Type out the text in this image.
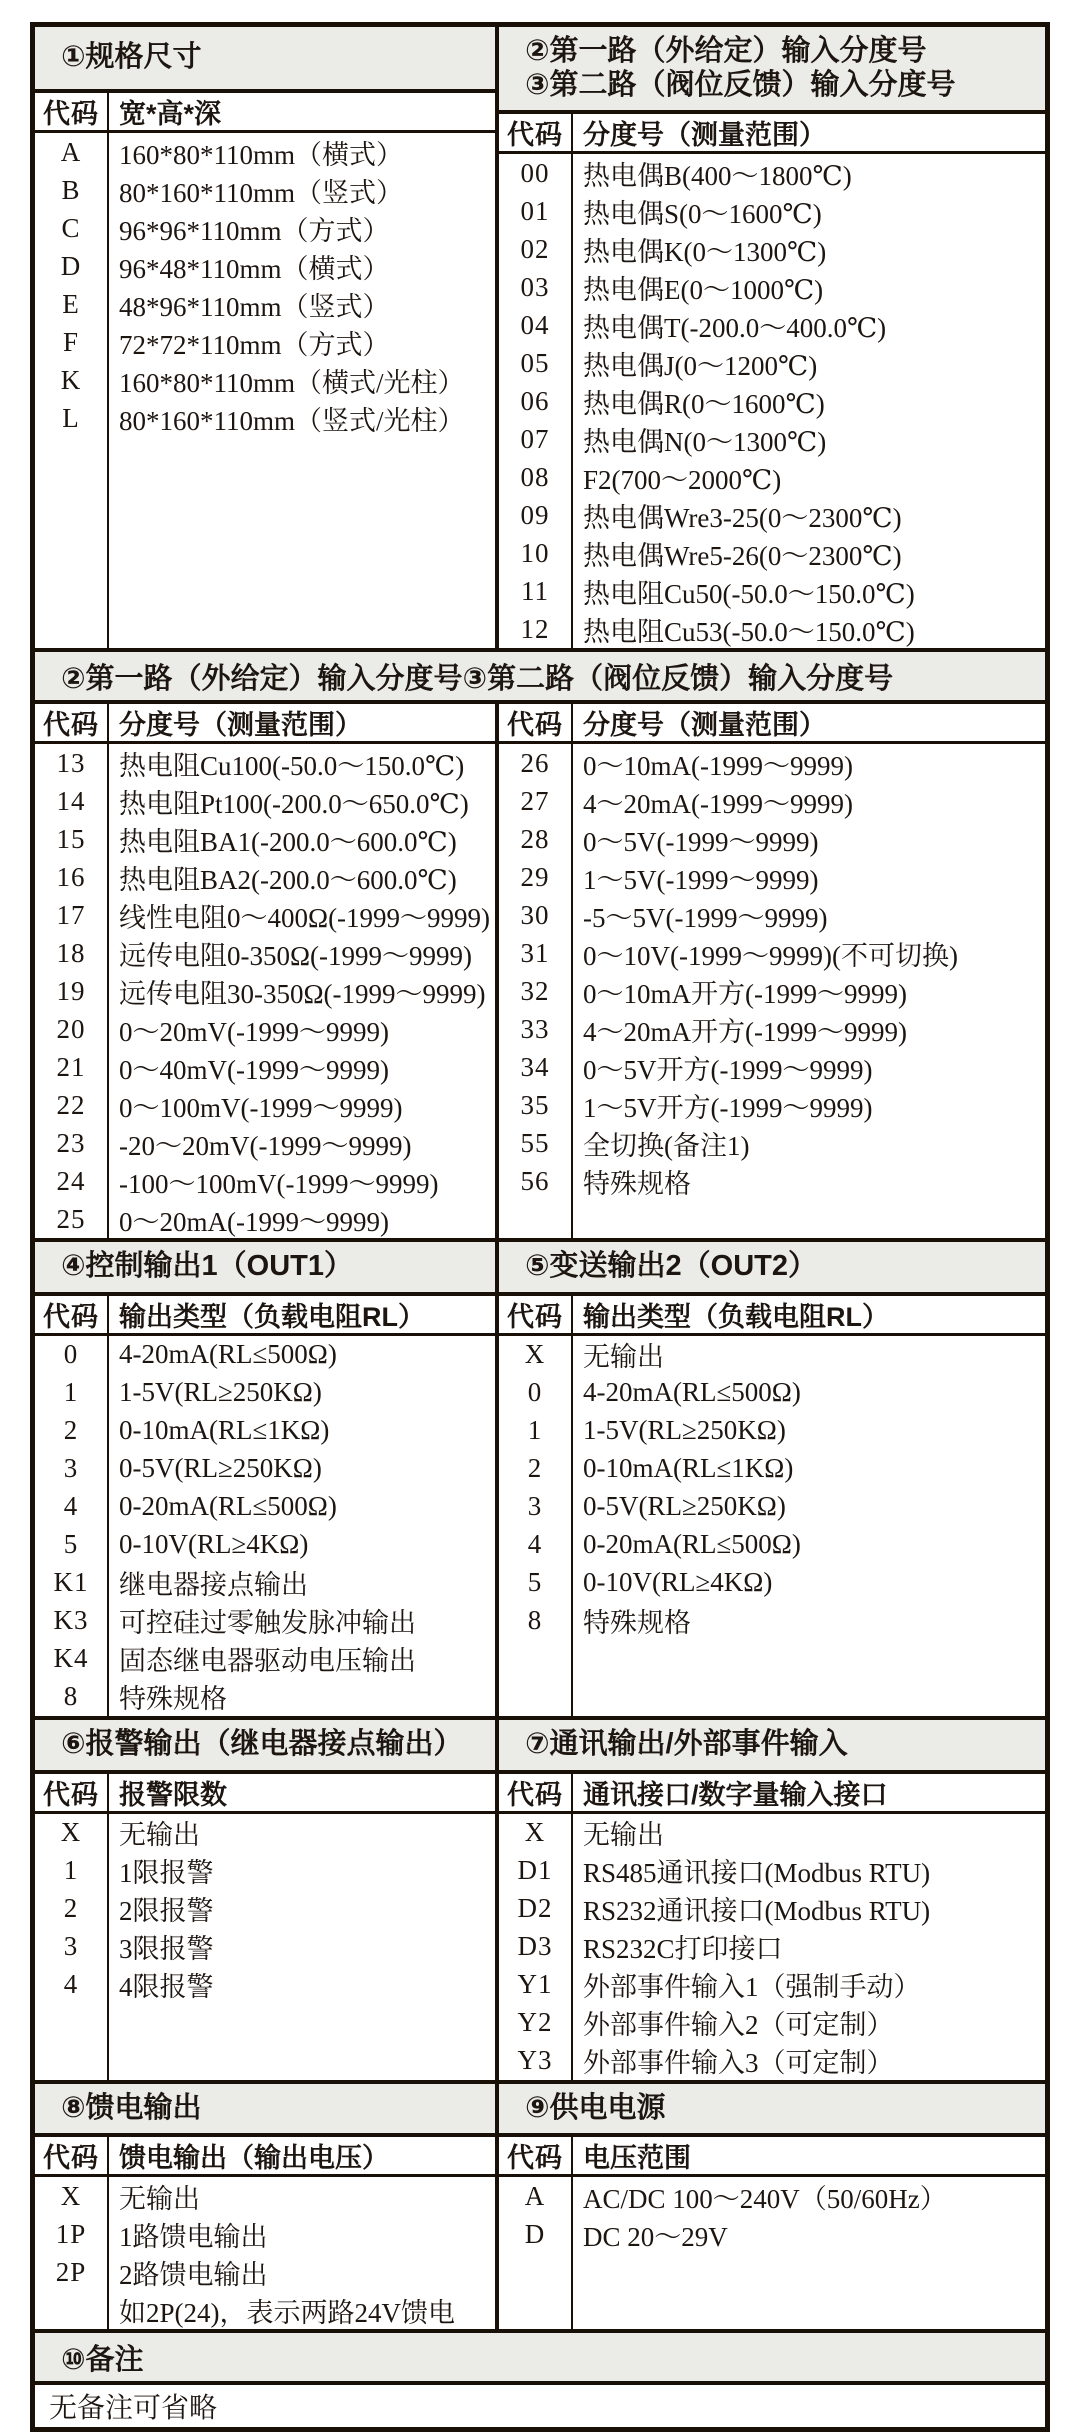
①规格尺寸
代码 宽*高*深
A	160*80*110mm（横式）
B	80*160*110mm（竖式）
C	96*96*110mm（方式）
D	96*48*110mm（横式）
E	48*96*110mm（竖式）
F	72*72*110mm（方式）
K	160*80*110mm（横式/光柱）
L	80*160*110mm（竖式/光柱）
②第一路（外给定）输入分度号
③第二路（阀位反馈）输入分度号
代码 分度号（测量范围）
00	热电偶B(400～1800℃)
01	热电偶S(0～1600℃)
02	热电偶K(0～1300℃)
03	热电偶E(0～1000℃)
04	热电偶T(-200.0～400.0℃)
05	热电偶J(0～1200℃)
06	热电偶R(0～1600℃)
07	热电偶N(0～1300℃)
08	F2(700～2000℃)
09	热电偶Wre3-25(0～2300℃)
10	热电偶Wre5-26(0～2300℃)
11	热电阻Cu50(-50.0～150.0℃)
12	热电阻Cu53(-50.0～150.0℃)
②第一路（外给定）输入分度号③第二路（阀位反馈）输入分度号
代码 分度号（测量范围）
13	热电阻Cu100(-50.0～150.0℃)
14	热电阻Pt100(-200.0～650.0℃)
15	热电阻BA1(-200.0～600.0℃)
16	热电阻BA2(-200.0～600.0℃)
17	线性电阻0～400Ω(-1999～9999)
18	远传电阻0-350Ω(-1999～9999)
19	远传电阻30-350Ω(-1999～9999)
20	0～20mV(-1999～9999)
21	0～40mV(-1999～9999)
22	0～100mV(-1999～9999)
23	-20～20mV(-1999～9999)
24	-100～100mV(-1999～9999)
25	0～20mA(-1999～9999)
代码 分度号（测量范围）
26	0～10mA(-1999～9999)
27	4～20mA(-1999～9999)
28	0～5V(-1999～9999)
29	1～5V(-1999～9999)
30	-5～5V(-1999～9999)
31	0～10V(-1999～9999)(不可切换)
32	0～10mA开方(-1999～9999)
33	4～20mA开方(-1999～9999)
34	0～5V开方(-1999～9999)
35	1～5V开方(-1999～9999)
55	全切换(备注1)
56	特殊规格
④控制输出1（OUT1）
代码 输出类型（负载电阻RL）
0	4-20mA(RL≤500Ω)
1	1-5V(RL≥250KΩ)
2	0-10mA(RL≤1KΩ)
3	0-5V(RL≥250KΩ)
4	0-20mA(RL≤500Ω)
5	0-10V(RL≥4KΩ)
K1	继电器接点输出
K3	可控硅过零触发脉冲输出
K4	固态继电器驱动电压输出
8	特殊规格
⑤变送输出2（OUT2）
代码 输出类型（负载电阻RL）
X	无输出
0	4-20mA(RL≤500Ω)
1	1-5V(RL≥250KΩ)
2	0-10mA(RL≤1KΩ)
3	0-5V(RL≥250KΩ)
4	0-20mA(RL≤500Ω)
5	0-10V(RL≥4KΩ)
8	特殊规格
⑥报警输出（继电器接点输出）
代码 报警限数
X	无输出
1	1限报警
2	2限报警
3	3限报警
4	4限报警
⑦通讯输出/外部事件输入
代码 通讯接口/数字量输入接口
X	无输出
D1	RS485通讯接口(Modbus RTU)
D2	RS232通讯接口(Modbus RTU)
D3	RS232C打印接口
Y1	外部事件输入1（强制手动）
Y2	外部事件输入2（可定制）
Y3	外部事件输入3（可定制）
⑧馈电输出
代码 馈电输出（输出电压）
X	无输出
1P	1路馈电输出
2P	2路馈电输出
如2P(24)，表示两路24V馈电
⑨供电电源
代码 电压范围
A	AC/DC 100～240V（50/60Hz）
D	DC 20～29V
⑩备注
无备注可省略
